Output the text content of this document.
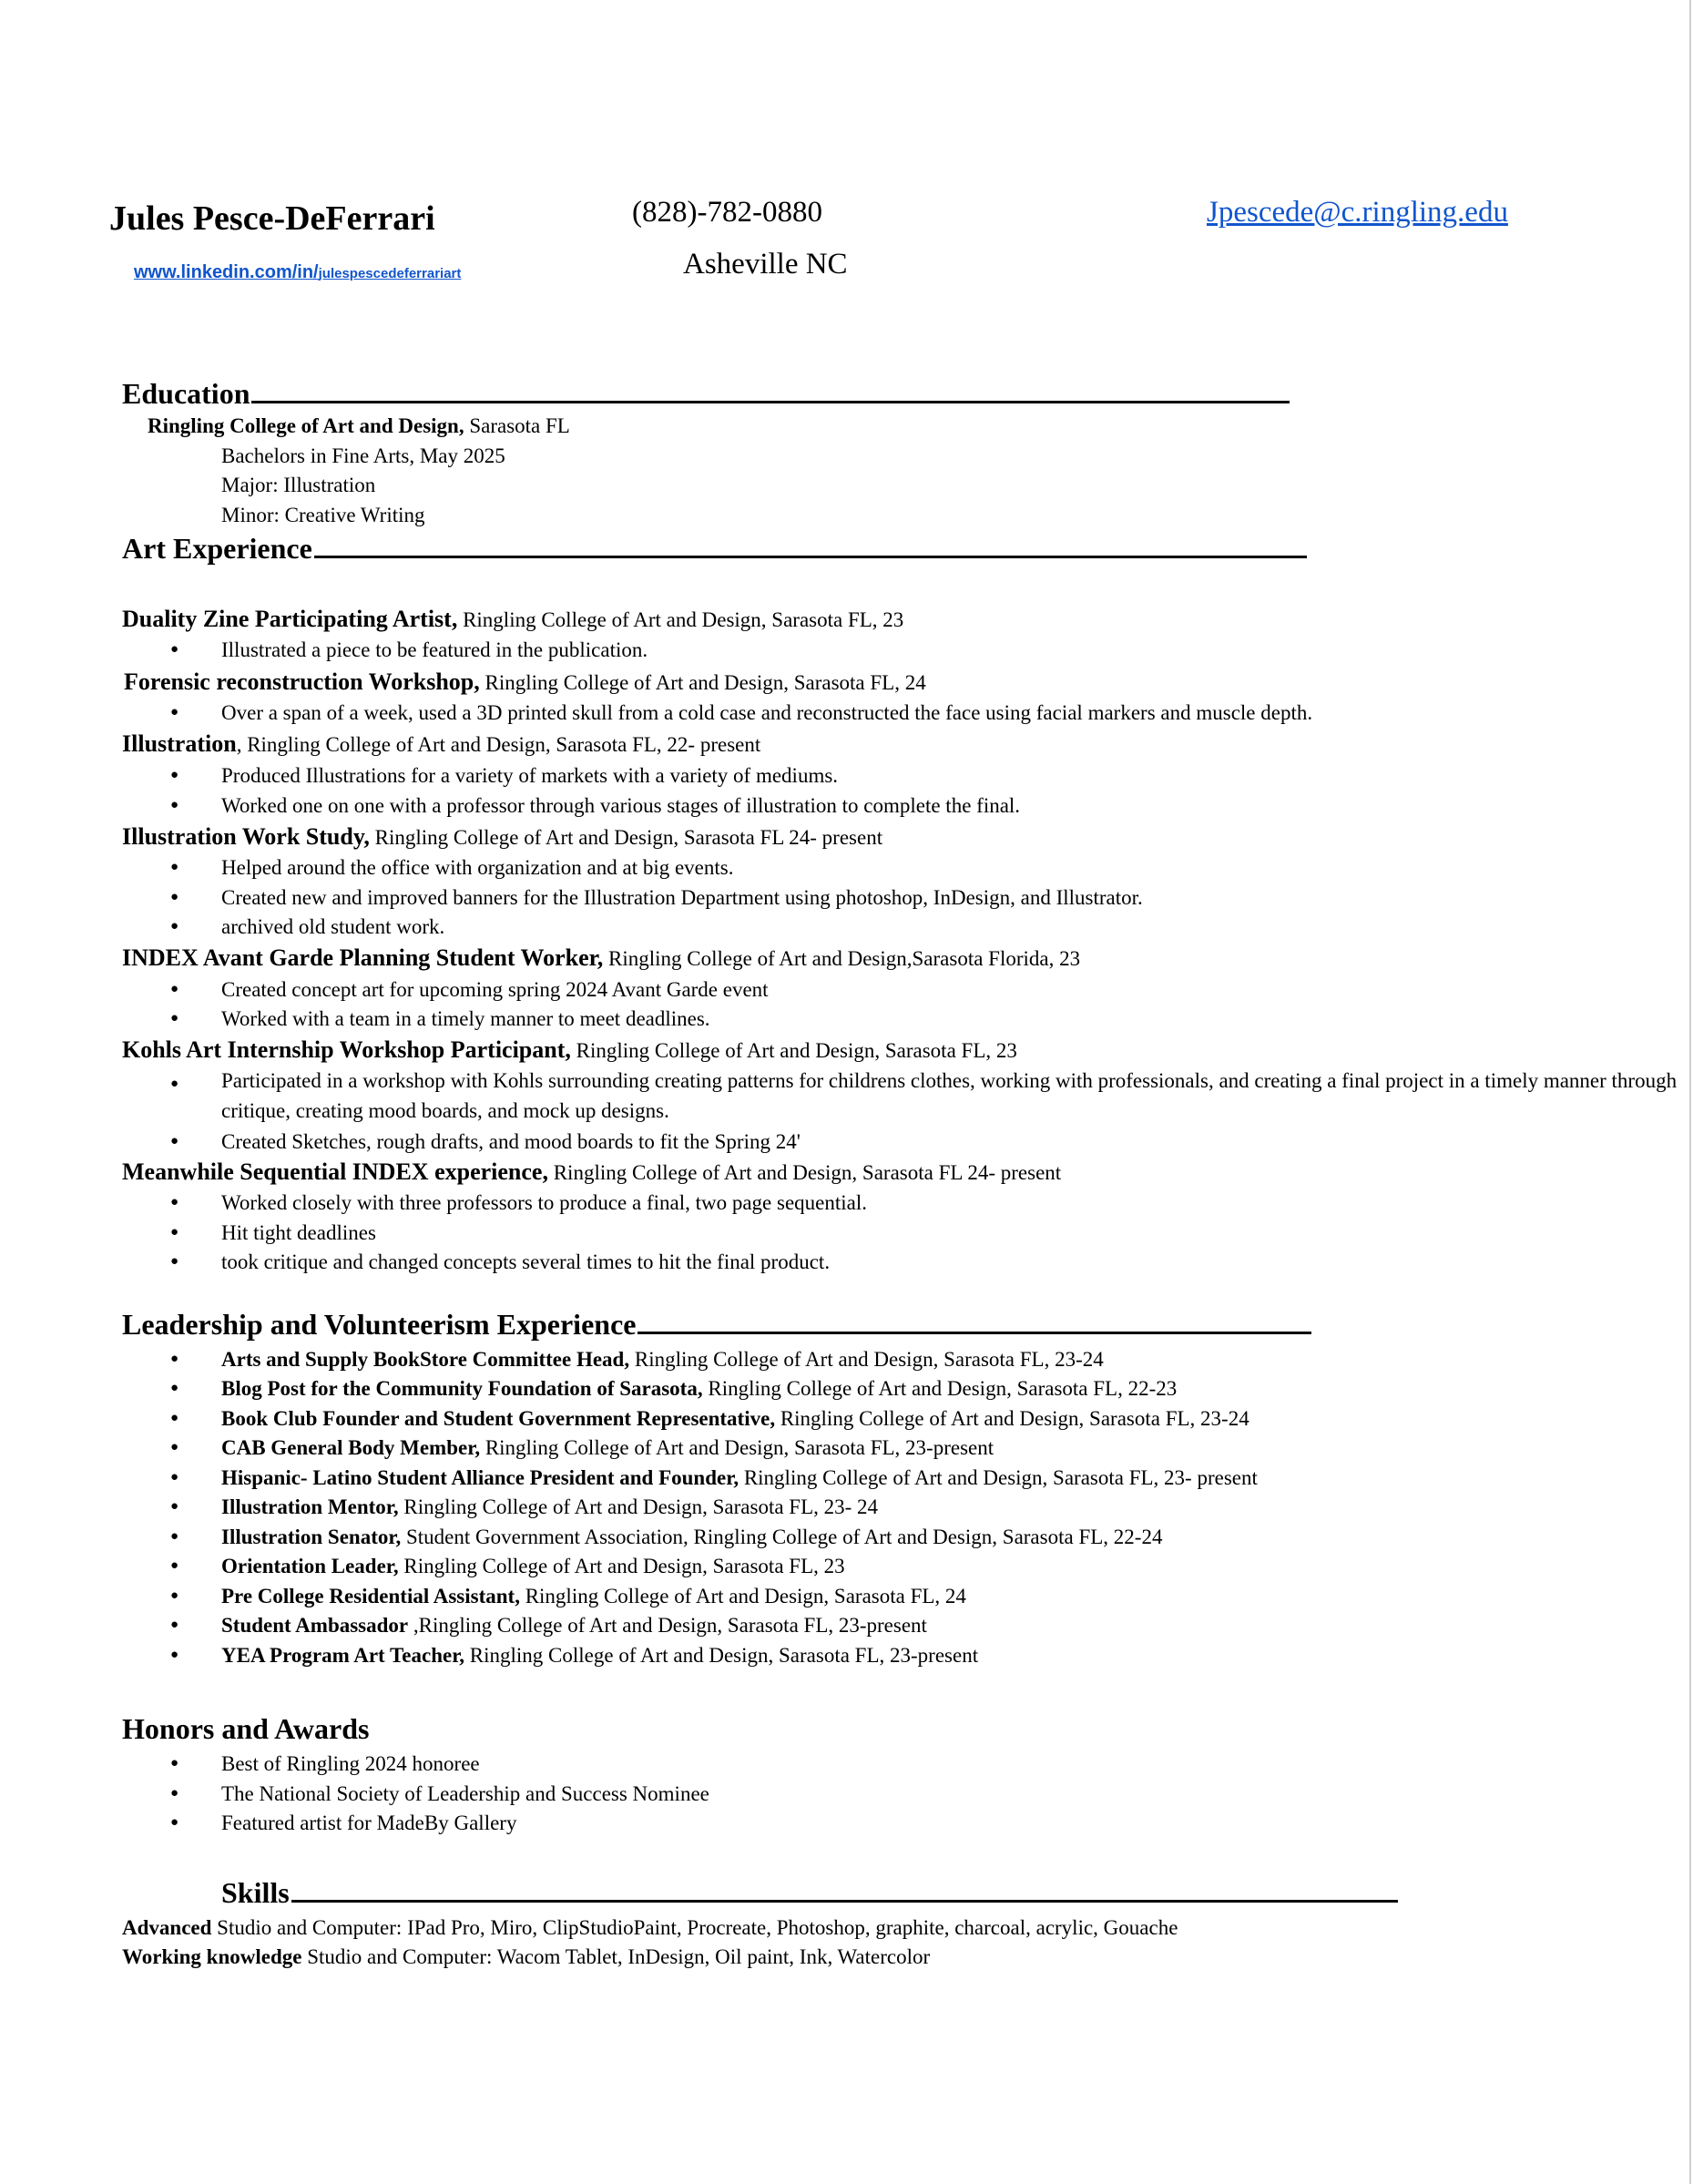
Jules Pesce-DeFerrari
www.linkedin.com/in/julespescedeferrariart
(828)-782-0880
Asheville NC
Jpescede@c.ringling.edu
Education
Ringling College of Art and Design, Sarasota FL
Bachelors in Fine Arts, May 2025
Major: Illustration
Minor: Creative Writing
Art Experience
Duality Zine Participating Artist, Ringling College of Art and Design, Sarasota FL, 23
● Illustrated a piece to be featured in the publication.
Forensic reconstruction Workshop, Ringling College of Art and Design, Sarasota FL, 24
● Over a span of a week, used a 3D printed skull from a cold case and reconstructed the face using facial markers and muscle depth.
Illustration, Ringling College of Art and Design, Sarasota FL, 22- present
● Produced Illustrations for a variety of markets with a variety of mediums.
● Worked one on one with a professor through various stages of illustration to complete the final.
Illustration Work Study, Ringling College of Art and Design, Sarasota FL 24- present
● Helped around the office with organization and at big events.
● Created new and improved banners for the Illustration Department using photoshop, InDesign, and Illustrator.
● archived old student work.
INDEX Avant Garde Planning Student Worker, Ringling College of Art and Design,Sarasota Florida, 23
● Created concept art for upcoming spring 2024 Avant Garde event
● Worked with a team in a timely manner to meet deadlines.
Kohls Art Internship Workshop Participant, Ringling College of Art and Design, Sarasota FL, 23
● Participated in a workshop with Kohls surrounding creating patterns for childrens clothes, working with professionals, and creating a final project in a timely manner through critique, creating mood boards, and mock up designs.
● Created Sketches, rough drafts, and mood boards to fit the Spring 24'
Meanwhile Sequential INDEX experience, Ringling College of Art and Design, Sarasota FL 24- present
● Worked closely with three professors to produce a final, two page sequential.
● Hit tight deadlines
● took critique and changed concepts several times to hit the final product.
Leadership and Volunteerism Experience
● Arts and Supply BookStore Committee Head, Ringling College of Art and Design, Sarasota FL, 23-24
● Blog Post for the Community Foundation of Sarasota, Ringling College of Art and Design, Sarasota FL, 22-23
● Book Club Founder and Student Government Representative, Ringling College of Art and Design, Sarasota FL, 23-24
● CAB General Body Member, Ringling College of Art and Design, Sarasota FL, 23-present
● Hispanic- Latino Student Alliance President and Founder, Ringling College of Art and Design, Sarasota FL, 23- present
● Illustration Mentor, Ringling College of Art and Design, Sarasota FL, 23- 24
● Illustration Senator, Student Government Association, Ringling College of Art and Design, Sarasota FL, 22-24
● Orientation Leader, Ringling College of Art and Design, Sarasota FL, 23
● Pre College Residential Assistant, Ringling College of Art and Design, Sarasota FL, 24
● Student Ambassador ,Ringling College of Art and Design, Sarasota FL, 23-present
● YEA Program Art Teacher, Ringling College of Art and Design, Sarasota FL, 23-present
Honors and Awards
● Best of Ringling 2024 honoree
● The National Society of Leadership and Success Nominee
● Featured artist for MadeBy Gallery
Skills
Advanced Studio and Computer: IPad Pro, Miro, ClipStudioPaint, Procreate, Photoshop, graphite, charcoal, acrylic, Gouache
Working knowledge Studio and Computer: Wacom Tablet, InDesign, Oil paint, Ink, Watercolor
